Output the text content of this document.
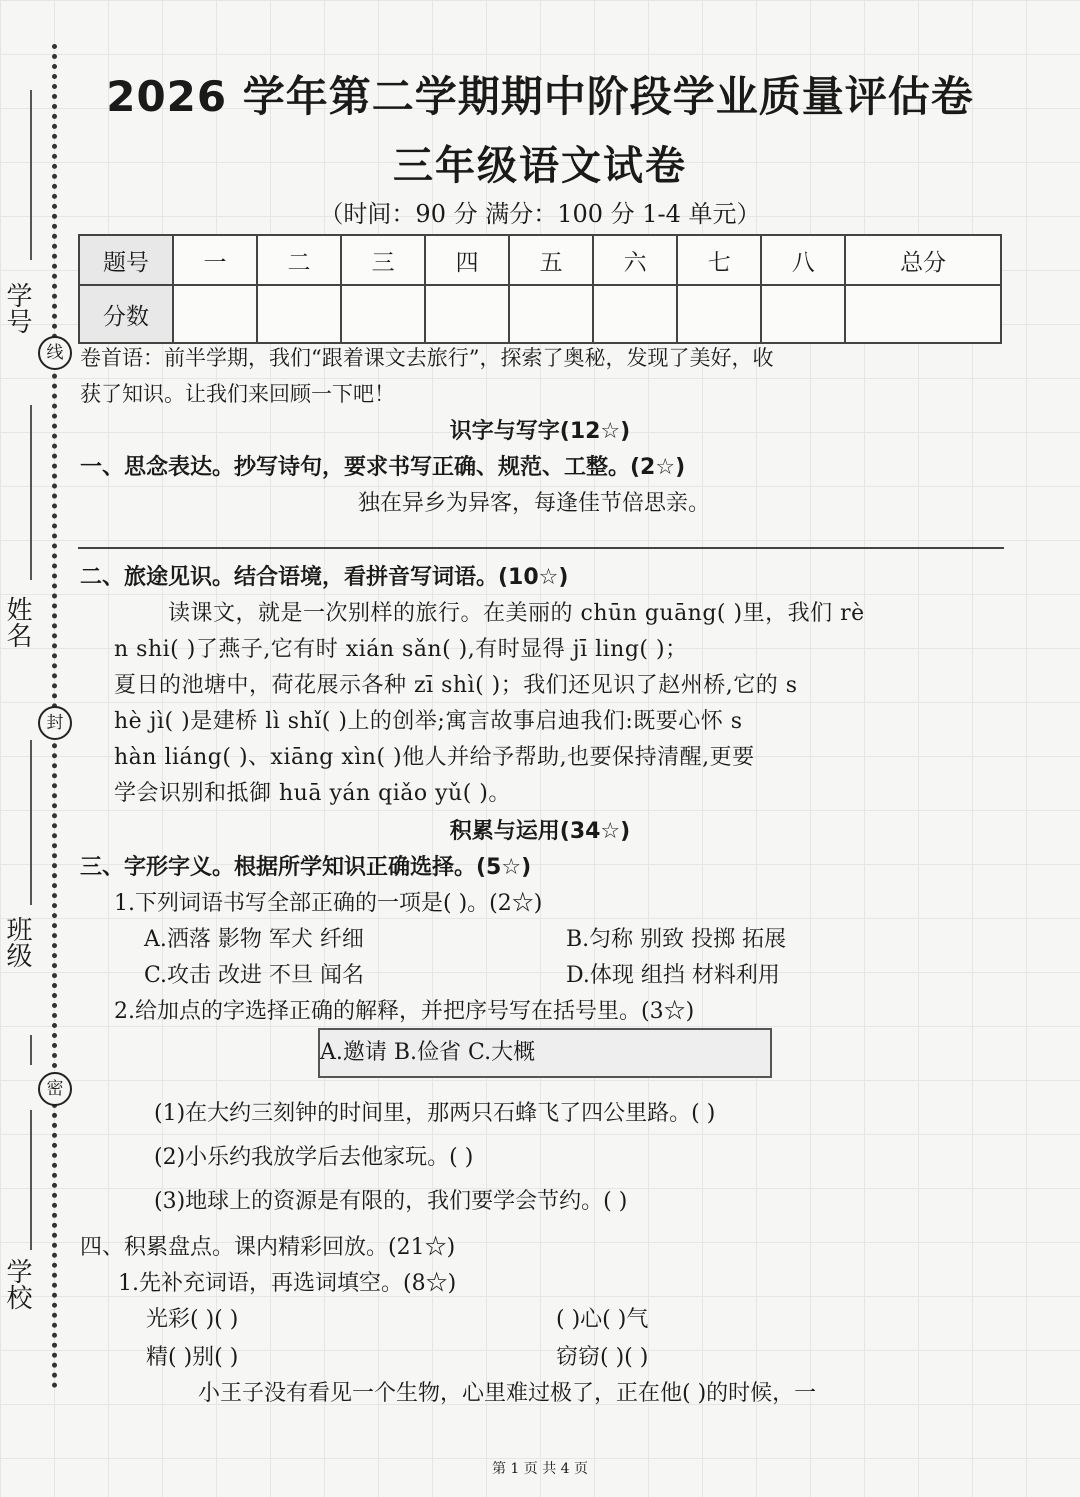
学号
线
姓名
封
班级
密
学校
2026 学年第二学期期中阶段学业质量评估卷
三年级语文试卷
（时间：90 分 满分：100 分 1-4 单元）
题号	一	二	三	四	五	六	七	八	总分
分数									
卷首语：前半学期，我们“跟着课文去旅行”，探索了奥秘，发现了美好，收
获了知识。让我们来回顾一下吧！
识字与写字(12☆)
一、思念表达。抄写诗句，要求书写正确、规范、工整。(2☆)
独在异乡为异客，每逢佳节倍思亲。
二、旅途见识。结合语境，看拼音写词语。(10☆)
读课文，就是一次别样的旅行。在美丽的 chūn guāng( )里，我们 rè
n shi( )了燕子,它有时 xián sǎn( ),有时显得 jī ling( )；
夏日的池塘中，荷花展示各种 zī shì( )；我们还见识了赵州桥,它的 s
hè jì( )是建桥 lì shǐ( )上的创举;寓言故事启迪我们:既要心怀 s
hàn liáng( )、xiāng xìn( )他人并给予帮助,也要保持清醒,更要
学会识别和抵御 huā yán qiǎo yǔ( )。
积累与运用(34☆)
三、字形字义。根据所学知识正确选择。(5☆)
1.下列词语书写全部正确的一项是( )。(2☆)
A.洒落 影物 军犬 纤细	B.匀称 别致 投掷 拓展
C.攻击 改进 不旦 闻名	D.体现 组挡 材料利用
2.给加点的字选择正确的解释，并把序号写在括号里。(3☆)
A.邀请 B.俭省 C.大概
(1)在大约三刻钟的时间里，那两只石蜂飞了四公里路。( )
(2)小乐约我放学后去他家玩。( )
(3)地球上的资源是有限的，我们要学会节约。( )
四、积累盘点。课内精彩回放。(21☆)
1.先补充词语，再选词填空。(8☆)
光彩( )( )	( )心( )气
精( )别( )	窃窃( )( )
小王子没有看见一个生物，心里难过极了，正在他( )的时候，一
第 1 页 共 4 页
